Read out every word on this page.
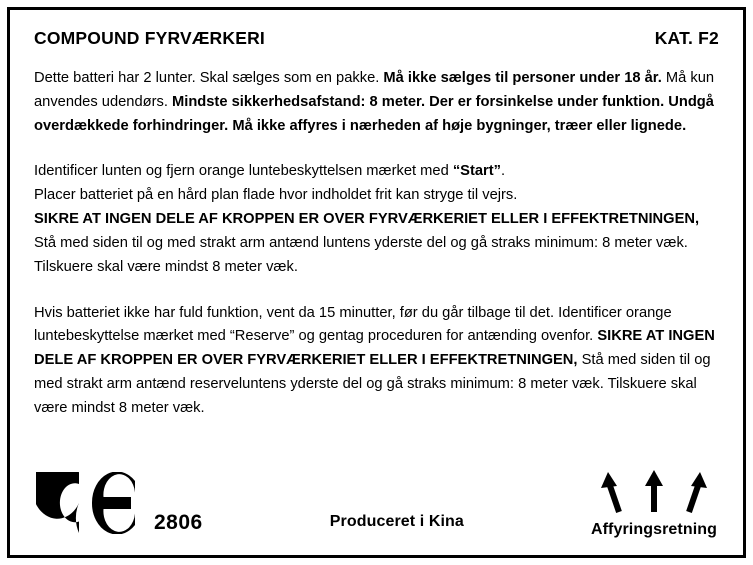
COMPOUND FYRVÆRKERI	KAT. F2
Dette batteri har 2 lunter. Skal sælges som en pakke. Må ikke sælges til personer under 18 år. Må kun anvendes udendørs. Mindste sikkerhedsafstand: 8 meter. Der er forsinkelse under funktion. Undgå overdækkede forhindringer. Må ikke affyres i nærheden af høje bygninger, træer eller lignede.
Identificer lunten og fjern orange luntebeskyttelsen mærket med “Start”.
Placer batteriet på en hård plan flade hvor indholdet frit kan stryge til vejrs.
SIKRE AT INGEN DELE AF KROPPEN ER OVER FYRVÆRKERIET ELLER I EFFEKTRETNINGEN, Stå med siden til og med strakt arm antænd luntens yderste del og gå straks minimum: 8 meter væk. Tilskuere skal være mindst 8 meter væk.
Hvis batteriet ikke har fuld funktion, vent da 15 minutter, før du går tilbage til det. Identificer orange luntebeskyttelse mærket med “Reserve” og gentag proceduren for antænding ovenfor. SIKRE AT INGEN DELE AF KROPPEN ER OVER FYRVÆRKERIET ELLER I EFFEKTRETNINGEN, Stå med siden til og med strakt arm antænd reserveluntens yderste del og gå straks minimum: 8 meter væk. Tilskuere skal være mindst 8 meter væk.
2806	Produceret i Kina	Affyringsretning
